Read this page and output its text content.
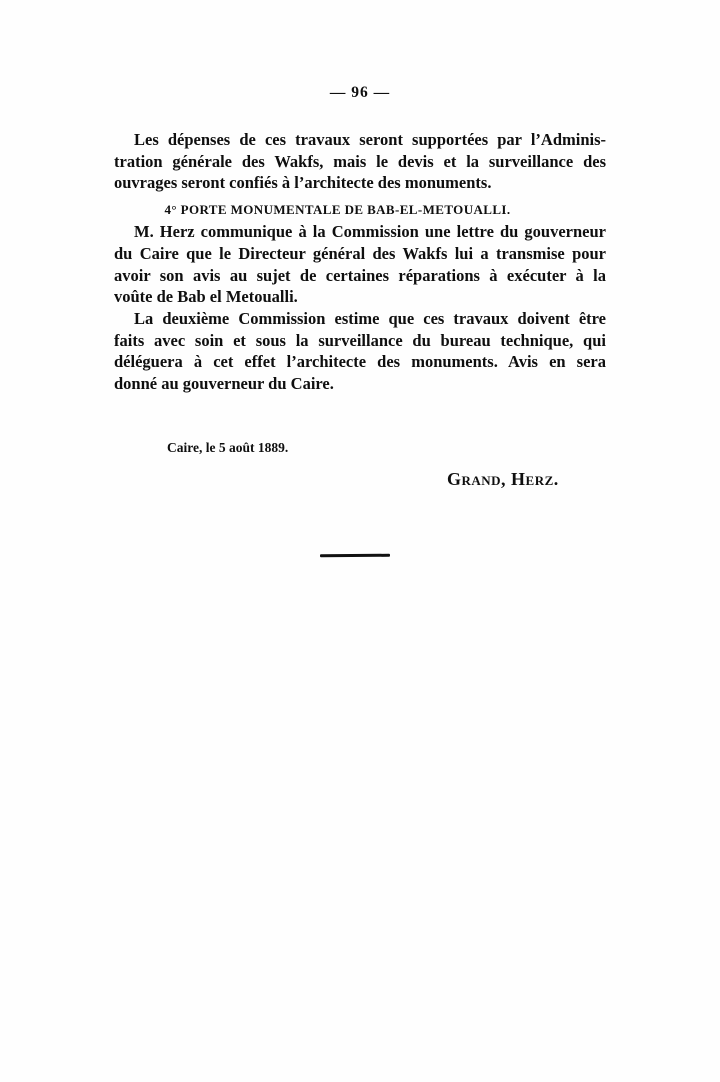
— 96 —
Les dépenses de ces travaux seront supportées par l’Adminis-
tration générale des Wakfs, mais le devis et la surveillance des
ouvrages seront confiés à l’architecte des monuments.
4° PORTE MONUMENTALE DE BAB-EL-METOUALLI.
M. Herz communique à la Commission une lettre du gouverneur
du Caire que le Directeur général des Wakfs lui a transmise pour
avoir son avis au sujet de certaines réparations à exécuter à la
voûte de Bab el Metoualli.
La deuxième Commission estime que ces travaux doivent être
faits avec soin et sous la surveillance du bureau technique, qui
déléguera à cet effet l’architecte des monuments. Avis en sera
donné au gouverneur du Caire.
Caire, le 5 août 1889.
Grand, Herz.
